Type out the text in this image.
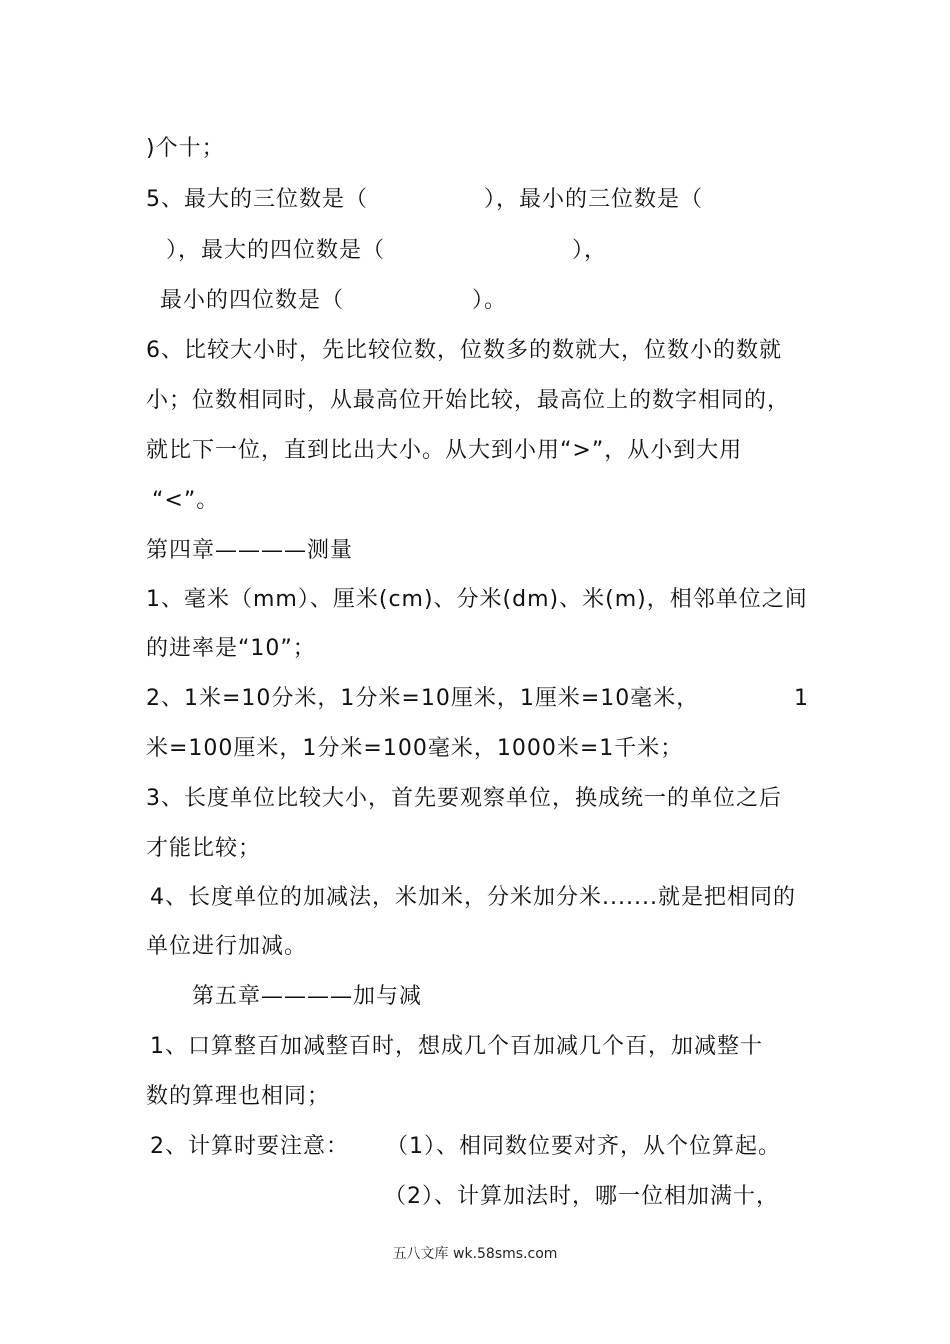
)个十；
5、最大的三位数是（	），最小的三位数是（
），最大的四位数是（	），
最小的四位数是（	）。
6、比较大小时，先比较位数，位数多的数就大，位数小的数就
小；位数相同时，从最高位开始比较，最高位上的数字相同的，
就比下一位，直到比出大小。从大到小用“>”，从小到大用
“<”。
第四章————测量
1、毫米（mm）、厘米(cm)、分米(dm)、米(m)，相邻单位之间
的进率是“10”；
2、1米=10分米，1分米=10厘米，1厘米=10毫米，	1
米=100厘米，1分米=100毫米，1000米=1千米；
3、长度单位比较大小，首先要观察单位，换成统一的单位之后
才能比较；
4、长度单位的加减法，米加米，分米加分米.......就是把相同的
单位进行加减。
第五章————加与减
1、口算整百加减整百时，想成几个百加减几个百，加减整十
数的算理也相同；
2、计算时要注意： （1）、相同数位要对齐，从个位算起。
（2）、计算加法时，哪一位相加满十，
五八文库 wk.58sms.com
